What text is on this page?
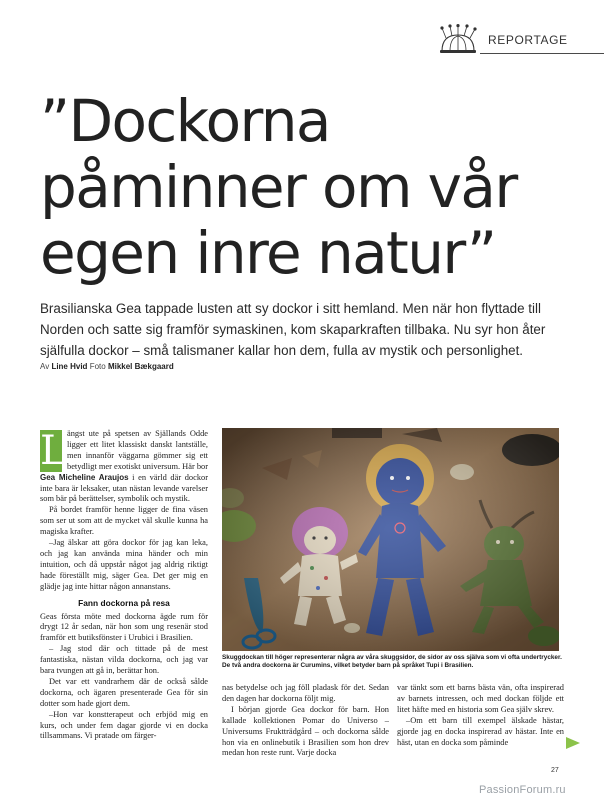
REPORTAGE
”Dockorna
påminner om vår
egen inre natur”

Brasilianska Gea tappade lusten att sy dockor i sitt hemland. Men när hon flyttade till Norden och satte sig framför symaskinen, kom skaparkraften tillbaka. Nu syr hon åter själfulla dockor – små talismaner kallar hon dem, fulla av mystik och personlighet.

Av Line Hvid Foto Mikkel Bækgaard
L ängst ute på spetsen av Själlands Odde ligger ett litet klassiskt danskt lantställe, men innanför väggarna gömmer sig ett betydligt mer exotiskt universum. Här bor Gea Micheline Araujos i en värld där dockor inte bara är leksaker, utan nästan levande varelser som bär på berättelser, symbolik och mystik.

På bordet framför henne ligger de fina väsen som ser ut som att de mycket väl skulle kunna ha magiska krafter.

–Jag älskar att göra dockor för jag kan leka, och jag kan använda mina händer och min intuition, och då uppstår något jag aldrig riktigt hade föreställt mig, säger Gea. Det ger mig en glädje jag inte hittar någon annanstans.

Fann dockorna på resa

Geas första möte med dockorna ägde rum för drygt 12 år sedan, när hon som ung resenär stod framför ett butiksfönster i Urubici i Brasilien.

– Jag stod där och tittade på de mest fantastiska, nästan vilda dockorna, och jag var bara tvungen att gå in, berättar hon.

Det var ett vandrarhem där de också sålde dockorna, och ägaren presenterade Gea för sin dotter som hade gjort dem.

–Hon var konstterapeut och erbjöd mig en kurs, och under fem dagar gjorde vi en docka tillsammans. Vi pratade om färger-

Skuggdockan till höger representerar några av våra skuggsidor, de sidor av oss själva som vi ofta undertrycker. De två andra dockorna är Curumins, vilket betyder barn på språket Tupi i Brasilien.

nas betydelse och jag föll pladask för det. Sedan den dagen har dockorna följt mig.

I början gjorde Gea dockor för barn. Hon kallade kollektionen Pomar do Universo – Universums Fruktträdgård – och dockorna sålde hon via en onlinebutik i Brasilien som hon drev medan hon reste runt. Varje docka

var tänkt som ett barns bästa vän, ofta inspirerad av barnets intressen, och med dockan följde ett litet häfte med en historia som Gea själv skrev.

–Om ett barn till exempel älskade hästar, gjorde jag en docka inspirerad av hästar. Inte en häst, utan en docka som påminde

27
PassionForum.ru
